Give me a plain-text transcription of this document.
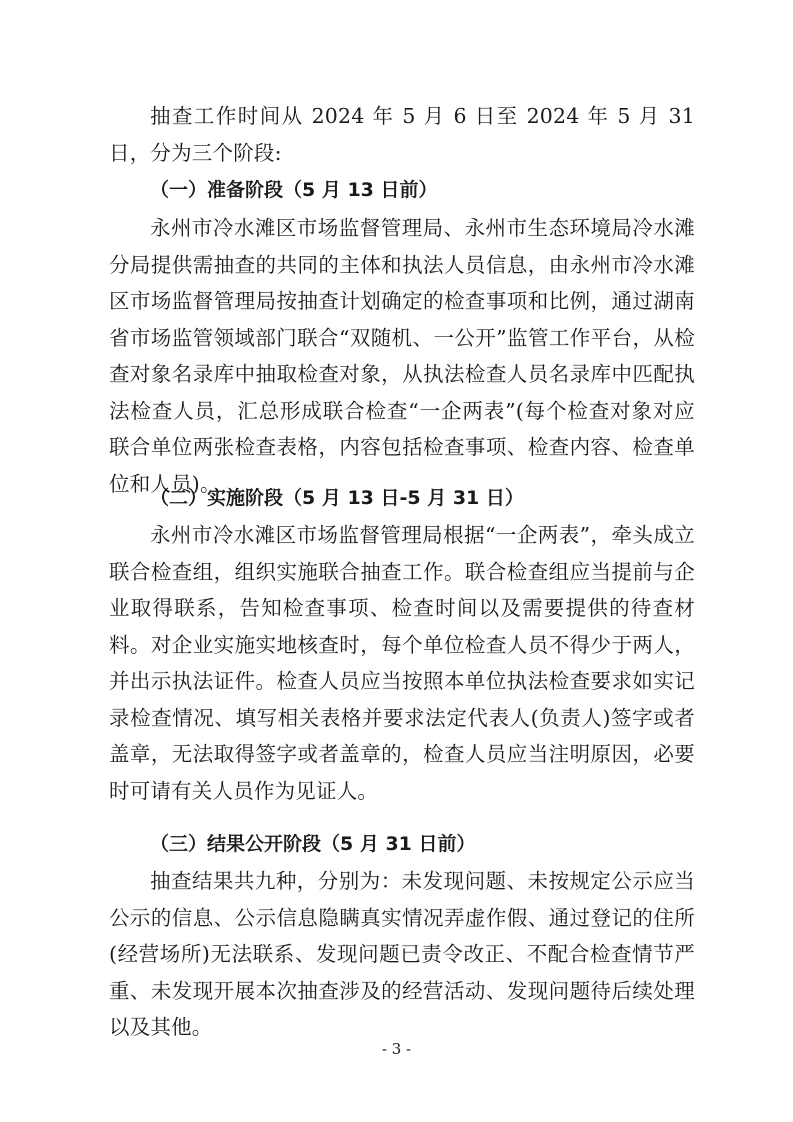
抽查工作时间从 2024 年 5 月 6 日至 2024 年 5 月 31 日，分为三个阶段:

（一）准备阶段（5 月 13 日前）

永州市冷水滩区市场监督管理局、永州市生态环境局冷水滩分局提供需抽查的共同的主体和执法人员信息，由永州市冷水滩区市场监督管理局按抽查计划确定的检查事项和比例，通过湖南省市场监管领域部门联合“双随机、一公开”监管工作平台，从检查对象名录库中抽取检查对象，从执法检查人员名录库中匹配执法检查人员，汇总形成联合检查“一企两表”(每个检查对象对应联合单位两张检查表格，内容包括检查事项、检查内容、检查单位和人员)。

（二）实施阶段（5 月 13 日-5 月 31 日）

永州市冷水滩区市场监督管理局根据“一企两表”，牵头成立联合检查组，组织实施联合抽查工作。联合检查组应当提前与企业取得联系，告知检查事项、检查时间以及需要提供的待查材料。对企业实施实地核查时，每个单位检查人员不得少于两人，并出示执法证件。检查人员应当按照本单位执法检查要求如实记录检查情况、填写相关表格并要求法定代表人(负责人)签字或者盖章，无法取得签字或者盖章的，检查人员应当注明原因，必要时可请有关人员作为见证人。

（三）结果公开阶段（5 月 31 日前）

抽查结果共九种，分别为：未发现问题、未按规定公示应当公示的信息、公示信息隐瞒真实情况弄虚作假、通过登记的住所(经营场所)无法联系、发现问题已责令改正、不配合检查情节严重、未发现开展本次抽查涉及的经营活动、发现问题待后续处理以及其他。

- 3 -
